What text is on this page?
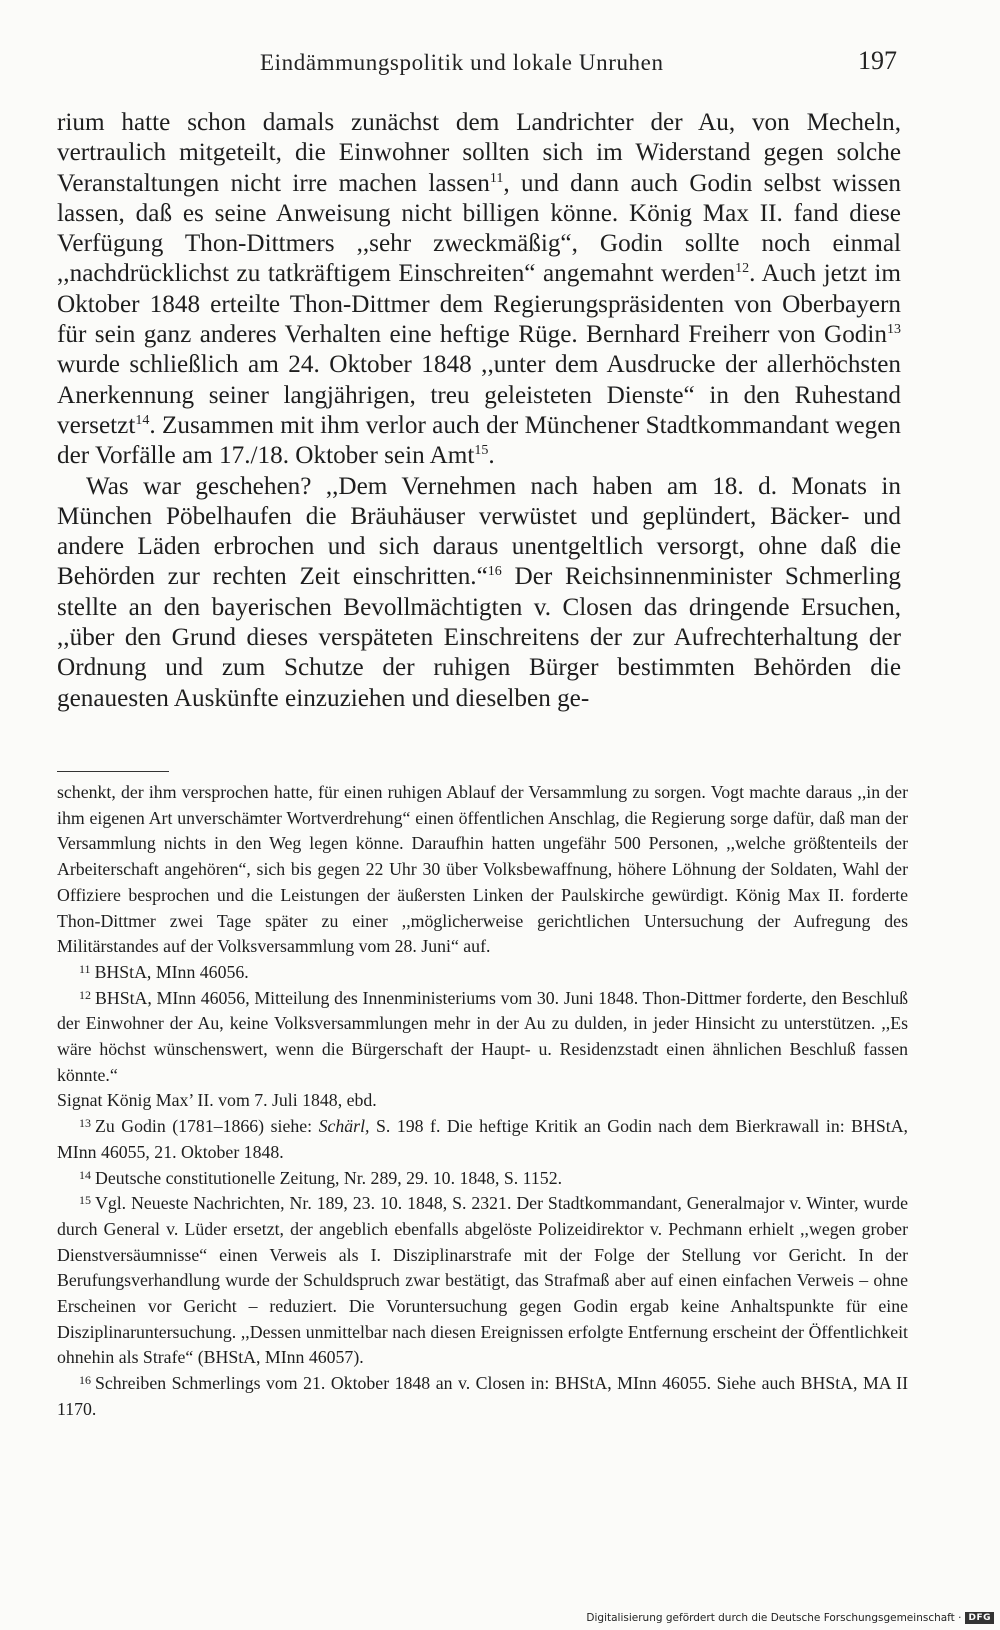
Eindämmungspolitik und lokale Unruhen	197

rium hatte schon damals zunächst dem Landrichter der Au, von Mecheln, vertraulich mitgeteilt, die Einwohner sollten sich im Widerstand gegen solche Veranstaltungen nicht irre machen lassen$^{11}$, und dann auch Godin selbst wissen lassen, daß es seine Anweisung nicht billigen könne. König Max II. fand diese Verfügung Thon-Dittmers ,,sehr zweckmäßig“, Godin sollte noch einmal ,,nachdrücklichst zu tatkräftigem Einschreiten“ angemahnt werden$^{12}$. Auch jetzt im Oktober 1848 erteilte Thon-Dittmer dem Regierungspräsidenten von Oberbayern für sein ganz anderes Verhalten eine heftige Rüge. Bernhard Freiherr von Godin$^{13}$ wurde schließlich am 24. Oktober 1848 ,,unter dem Ausdrucke der allerhöchsten Anerkennung seiner langjährigen, treu geleisteten Dienste“ in den Ruhestand versetzt$^{14}$. Zusammen mit ihm verlor auch der Münchener Stadtkommandant wegen der Vorfälle am 17./18. Oktober sein Amt$^{15}$.

Was war geschehen? ,,Dem Vernehmen nach haben am 18. d. Monats in München Pöbelhaufen die Bräuhäuser verwüstet und geplündert, Bäcker- und andere Läden erbrochen und sich daraus unentgeltlich versorgt, ohne daß die Behörden zur rechten Zeit einschritten.“$^{16}$ Der Reichsinnenminister Schmerling stellte an den bayerischen Bevollmächtigten v. Closen das dringende Ersuchen, ,,über den Grund dieses verspäteten Einschreitens der zur Aufrechterhaltung der Ordnung und zum Schutze der ruhigen Bürger bestimmten Behörden die genauesten Auskünfte einzuziehen und dieselben ge-

schenkt, der ihm versprochen hatte, für einen ruhigen Ablauf der Versammlung zu sorgen. Vogt machte daraus ,,in der ihm eigenen Art unverschämter Wortverdrehung“ einen öffentlichen Anschlag, die Regierung sorge dafür, daß man der Versammlung nichts in den Weg legen könne. Daraufhin hatten ungefähr 500 Personen, ,,welche größtenteils der Arbeiterschaft angehören“, sich bis gegen 22 Uhr 30 über Volksbewaffnung, höhere Löhnung der Soldaten, Wahl der Offiziere besprochen und die Leistungen der äußersten Linken der Paulskirche gewürdigt. König Max II. forderte Thon-Dittmer zwei Tage später zu einer ,,möglicherweise gerichtlichen Untersuchung der Aufregung des Militärstandes auf der Volksversammlung vom 28. Juni“ auf.

$^{11}$ BHStA, MInn 46056.

$^{12}$ BHStA, MInn 46056, Mitteilung des Innenministeriums vom 30. Juni 1848. Thon-Dittmer forderte, den Beschluß der Einwohner der Au, keine Volksversammlungen mehr in der Au zu dulden, in jeder Hinsicht zu unterstützen. ,,Es wäre höchst wünschenswert, wenn die Bürgerschaft der Haupt- u. Residenzstadt einen ähnlichen Beschluß fassen könnte.“

Signat König Max’ II. vom 7. Juli 1848, ebd.

$^{13}$ Zu Godin (1781–1866) siehe: Schärl, S. 198 f. Die heftige Kritik an Godin nach dem Bierkrawall in: BHStA, MInn 46055, 21. Oktober 1848.

$^{14}$ Deutsche constitutionelle Zeitung, Nr. 289, 29. 10. 1848, S. 1152.

$^{15}$ Vgl. Neueste Nachrichten, Nr. 189, 23. 10. 1848, S. 2321. Der Stadtkommandant, Generalmajor v. Winter, wurde durch General v. Lüder ersetzt, der angeblich ebenfalls abgelöste Polizeidirektor v. Pechmann erhielt ,,wegen grober Dienstversäumnisse“ einen Verweis als I. Disziplinarstrafe mit der Folge der Stellung vor Gericht. In der Berufungsverhandlung wurde der Schuldspruch zwar bestätigt, das Strafmaß aber auf einen einfachen Verweis – ohne Erscheinen vor Gericht – reduziert. Die Voruntersuchung gegen Godin ergab keine Anhaltspunkte für eine Disziplinaruntersuchung. ,,Dessen unmittelbar nach diesen Ereignissen erfolgte Entfernung erscheint der Öffentlichkeit ohnehin als Strafe“ (BHStA, MInn 46057).

$^{16}$ Schreiben Schmerlings vom 21. Oktober 1848 an v. Closen in: BHStA, MInn 46055. Siehe auch BHStA, MA II 1170.

Digitalisierung gefördert durch die Deutsche Forschungsgemeinschaft · DFG
